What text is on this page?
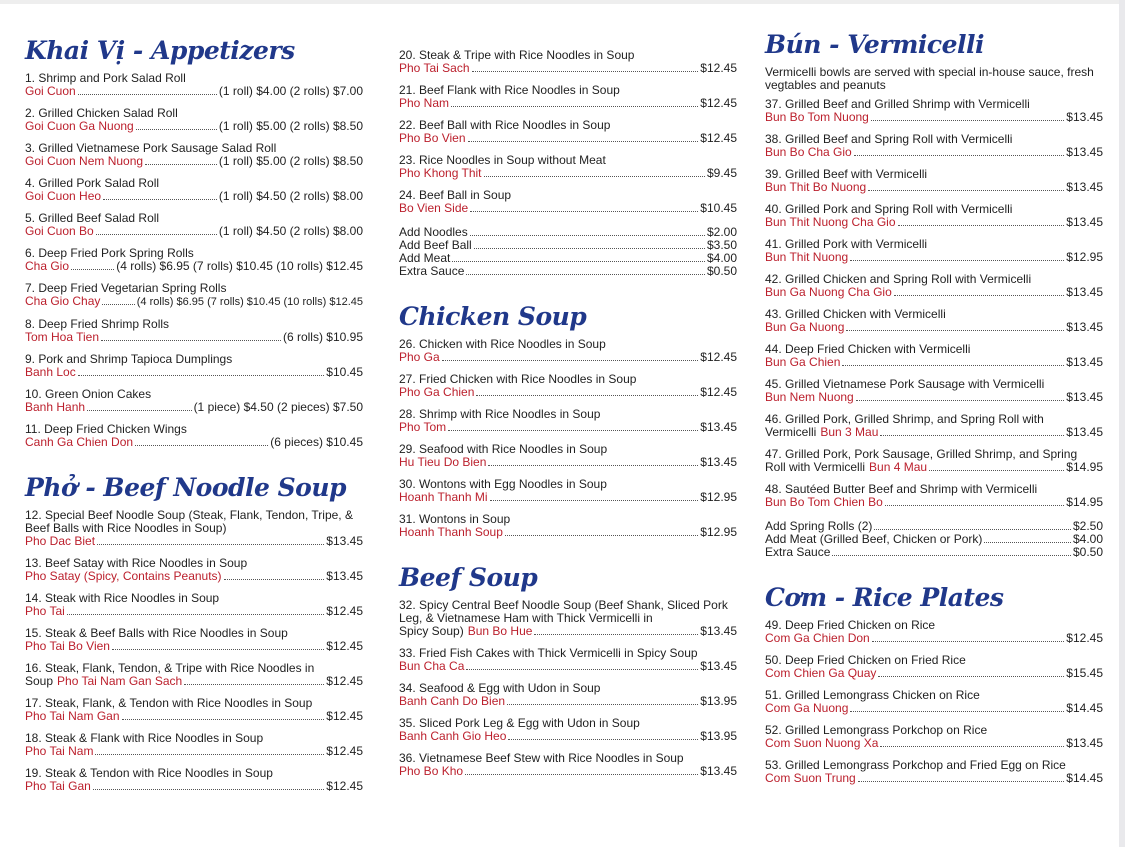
Khai Vị - Appetizers
1. Shrimp and Pork Salad Roll
Goi Cuon	(1 roll) $4.00 (2 rolls) $7.00
2. Grilled Chicken Salad Roll
Goi Cuon Ga Nuong	(1 roll) $5.00 (2 rolls) $8.50
3. Grilled Vietnamese Pork Sausage Salad Roll
Goi Cuon Nem Nuong	(1 roll) $5.00 (2 rolls) $8.50
4. Grilled Pork Salad Roll
Goi Cuon Heo	(1 roll) $4.50 (2 rolls) $8.00
5. Grilled Beef Salad Roll
Goi Cuon Bo	(1 roll) $4.50 (2 rolls) $8.00
6. Deep Fried Pork Spring Rolls
Cha Gio	(4 rolls) $6.95 (7 rolls) $10.45 (10 rolls) $12.45
7. Deep Fried Vegetarian Spring Rolls
Cha Gio Chay	(4 rolls) $6.95 (7 rolls) $10.45 (10 rolls) $12.45
8. Deep Fried Shrimp Rolls
Tom Hoa Tien	(6 rolls) $10.95
9. Pork and Shrimp Tapioca Dumplings
Banh Loc	$10.45
10. Green Onion Cakes
Banh Hanh	(1 piece) $4.50 (2 pieces) $7.50
11. Deep Fried Chicken Wings
Canh Ga Chien Don	(6 pieces) $10.45
Phở - Beef Noodle Soup
12. Special Beef Noodle Soup (Steak, Flank, Tendon, Tripe, & Beef Balls with Rice Noodles in Soup)
Pho Dac Biet	$13.45
13. Beef Satay with Rice Noodles in Soup
Pho Satay (Spicy, Contains Peanuts)	$13.45
14. Steak with Rice Noodles in Soup
Pho Tai	$12.45
15. Steak & Beef Balls with Rice Noodles in Soup
Pho Tai Bo Vien	$12.45
16. Steak, Flank, Tendon, & Tripe with Rice Noodles in
Soup Pho Tai Nam Gan Sach	$12.45
17. Steak, Flank, & Tendon with Rice Noodles in Soup
Pho Tai Nam Gan	$12.45
18. Steak & Flank with Rice Noodles in Soup
Pho Tai Nam	$12.45
19. Steak & Tendon with Rice Noodles in Soup
Pho Tai Gan	$12.45
20. Steak & Tripe with Rice Noodles in Soup
Pho Tai Sach	$12.45
21. Beef Flank with Rice Noodles in Soup
Pho Nam	$12.45
22. Beef Ball with Rice Noodles in Soup
Pho Bo Vien	$12.45
23. Rice Noodles in Soup without Meat
Pho Khong Thit	$9.45
24. Beef Ball in Soup
Bo Vien Side	$10.45
Add Noodles	$2.00
Add Beef Ball	$3.50
Add Meat	$4.00
Extra Sauce	$0.50
Chicken Soup
26. Chicken with Rice Noodles in Soup
Pho Ga	$12.45
27. Fried Chicken with Rice Noodles in Soup
Pho Ga Chien	$12.45
28. Shrimp with Rice Noodles in Soup
Pho Tom	$13.45
29. Seafood with Rice Noodles in Soup
Hu Tieu Do Bien	$13.45
30. Wontons with Egg Noodles in Soup
Hoanh Thanh Mi	$12.95
31. Wontons in Soup
Hoanh Thanh Soup	$12.95
Beef Soup
32. Spicy Central Beef Noodle Soup (Beef Shank, Sliced Pork Leg, & Vietnamese Ham with Thick Vermicelli in
Spicy Soup) Bun Bo Hue	$13.45
33. Fried Fish Cakes with Thick Vermicelli in Spicy Soup
Bun Cha Ca	$13.45
34. Seafood & Egg with Udon in Soup
Banh Canh Do Bien	$13.95
35. Sliced Pork Leg & Egg with Udon in Soup
Banh Canh Gio Heo	$13.95
36. Vietnamese Beef Stew with Rice Noodles in Soup
Pho Bo Kho	$13.45
Bún - Vermicelli
Vermicelli bowls are served with special in-house sauce, fresh vegtables and peanuts
37. Grilled Beef and Grilled Shrimp with Vermicelli
Bun Bo Tom Nuong	$13.45
38. Grilled Beef and Spring Roll with Vermicelli
Bun Bo Cha Gio	$13.45
39. Grilled Beef with Vermicelli
Bun Thit Bo Nuong	$13.45
40. Grilled Pork and Spring Roll with Vermicelli
Bun Thit Nuong Cha Gio	$13.45
41. Grilled Pork with Vermicelli
Bun Thit Nuong	$12.95
42. Grilled Chicken and Spring Roll with Vermicelli
Bun Ga Nuong Cha Gio	$13.45
43. Grilled Chicken with Vermicelli
Bun Ga Nuong	$13.45
44. Deep Fried Chicken with Vermicelli
Bun Ga Chien	$13.45
45. Grilled Vietnamese Pork Sausage with Vermicelli
Bun Nem Nuong	$13.45
46. Grilled Pork, Grilled Shrimp, and Spring Roll with
Vermicelli Bun 3 Mau	$13.45
47. Grilled Pork, Pork Sausage, Grilled Shrimp, and Spring
Roll with Vermicelli Bun 4 Mau	$14.95
48. Sautéed Butter Beef and Shrimp with Vermicelli
Bun Bo Tom Chien Bo	$14.95
Add Spring Rolls (2)	$2.50
Add Meat (Grilled Beef, Chicken or Pork)	$4.00
Extra Sauce	$0.50
Cơm - Rice Plates
49. Deep Fried Chicken on Rice
Com Ga Chien Don	$12.45
50. Deep Fried Chicken on Fried Rice
Com Chien Ga Quay	$15.45
51. Grilled Lemongrass Chicken on Rice
Com Ga Nuong	$14.45
52. Grilled Lemongrass Porkchop on Rice
Com Suon Nuong Xa	$13.45
53. Grilled Lemongrass Porkchop and Fried Egg on Rice
Com Suon Trung	$14.45
